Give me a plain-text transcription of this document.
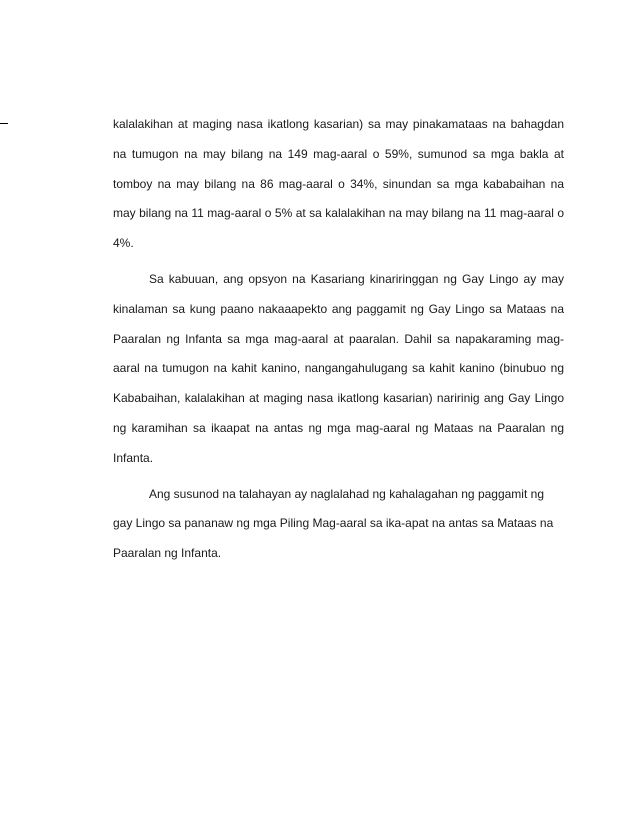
kalalakihan at maging nasa ikatlong kasarian) sa may pinakamataas na bahagdan na tumugon na may bilang na 149 mag-aaral o 59%, sumunod sa mga bakla at tomboy na may bilang na 86 mag-aaral o 34%, sinundan sa mga kababaihan na may bilang na 11 mag-aaral o 5% at sa kalalakihan na may bilang na 11 mag-aaral o 4%.

Sa kabuuan, ang opsyon na Kasariang kinariringgan ng Gay Lingo ay may kinalaman sa kung paano nakaaapekto ang paggamit ng Gay Lingo sa Mataas na Paaralan ng Infanta sa mga mag-aaral at paaralan. Dahil sa napakaraming mag-aaral na tumugon na kahit kanino, nangangahulugang sa kahit kanino (binubuo ng Kababaihan, kalalakihan at maging nasa ikatlong kasarian) naririnig ang Gay Lingo ng karamihan sa ikaapat na antas ng mga mag-aaral ng Mataas na Paaralan ng Infanta.

Ang susunod na talahayan ay naglalahad ng kahalagahan ng paggamit ng gay Lingo sa pananaw ng mga Piling Mag-aaral sa ika-apat na antas sa Mataas na Paaralan ng Infanta.
